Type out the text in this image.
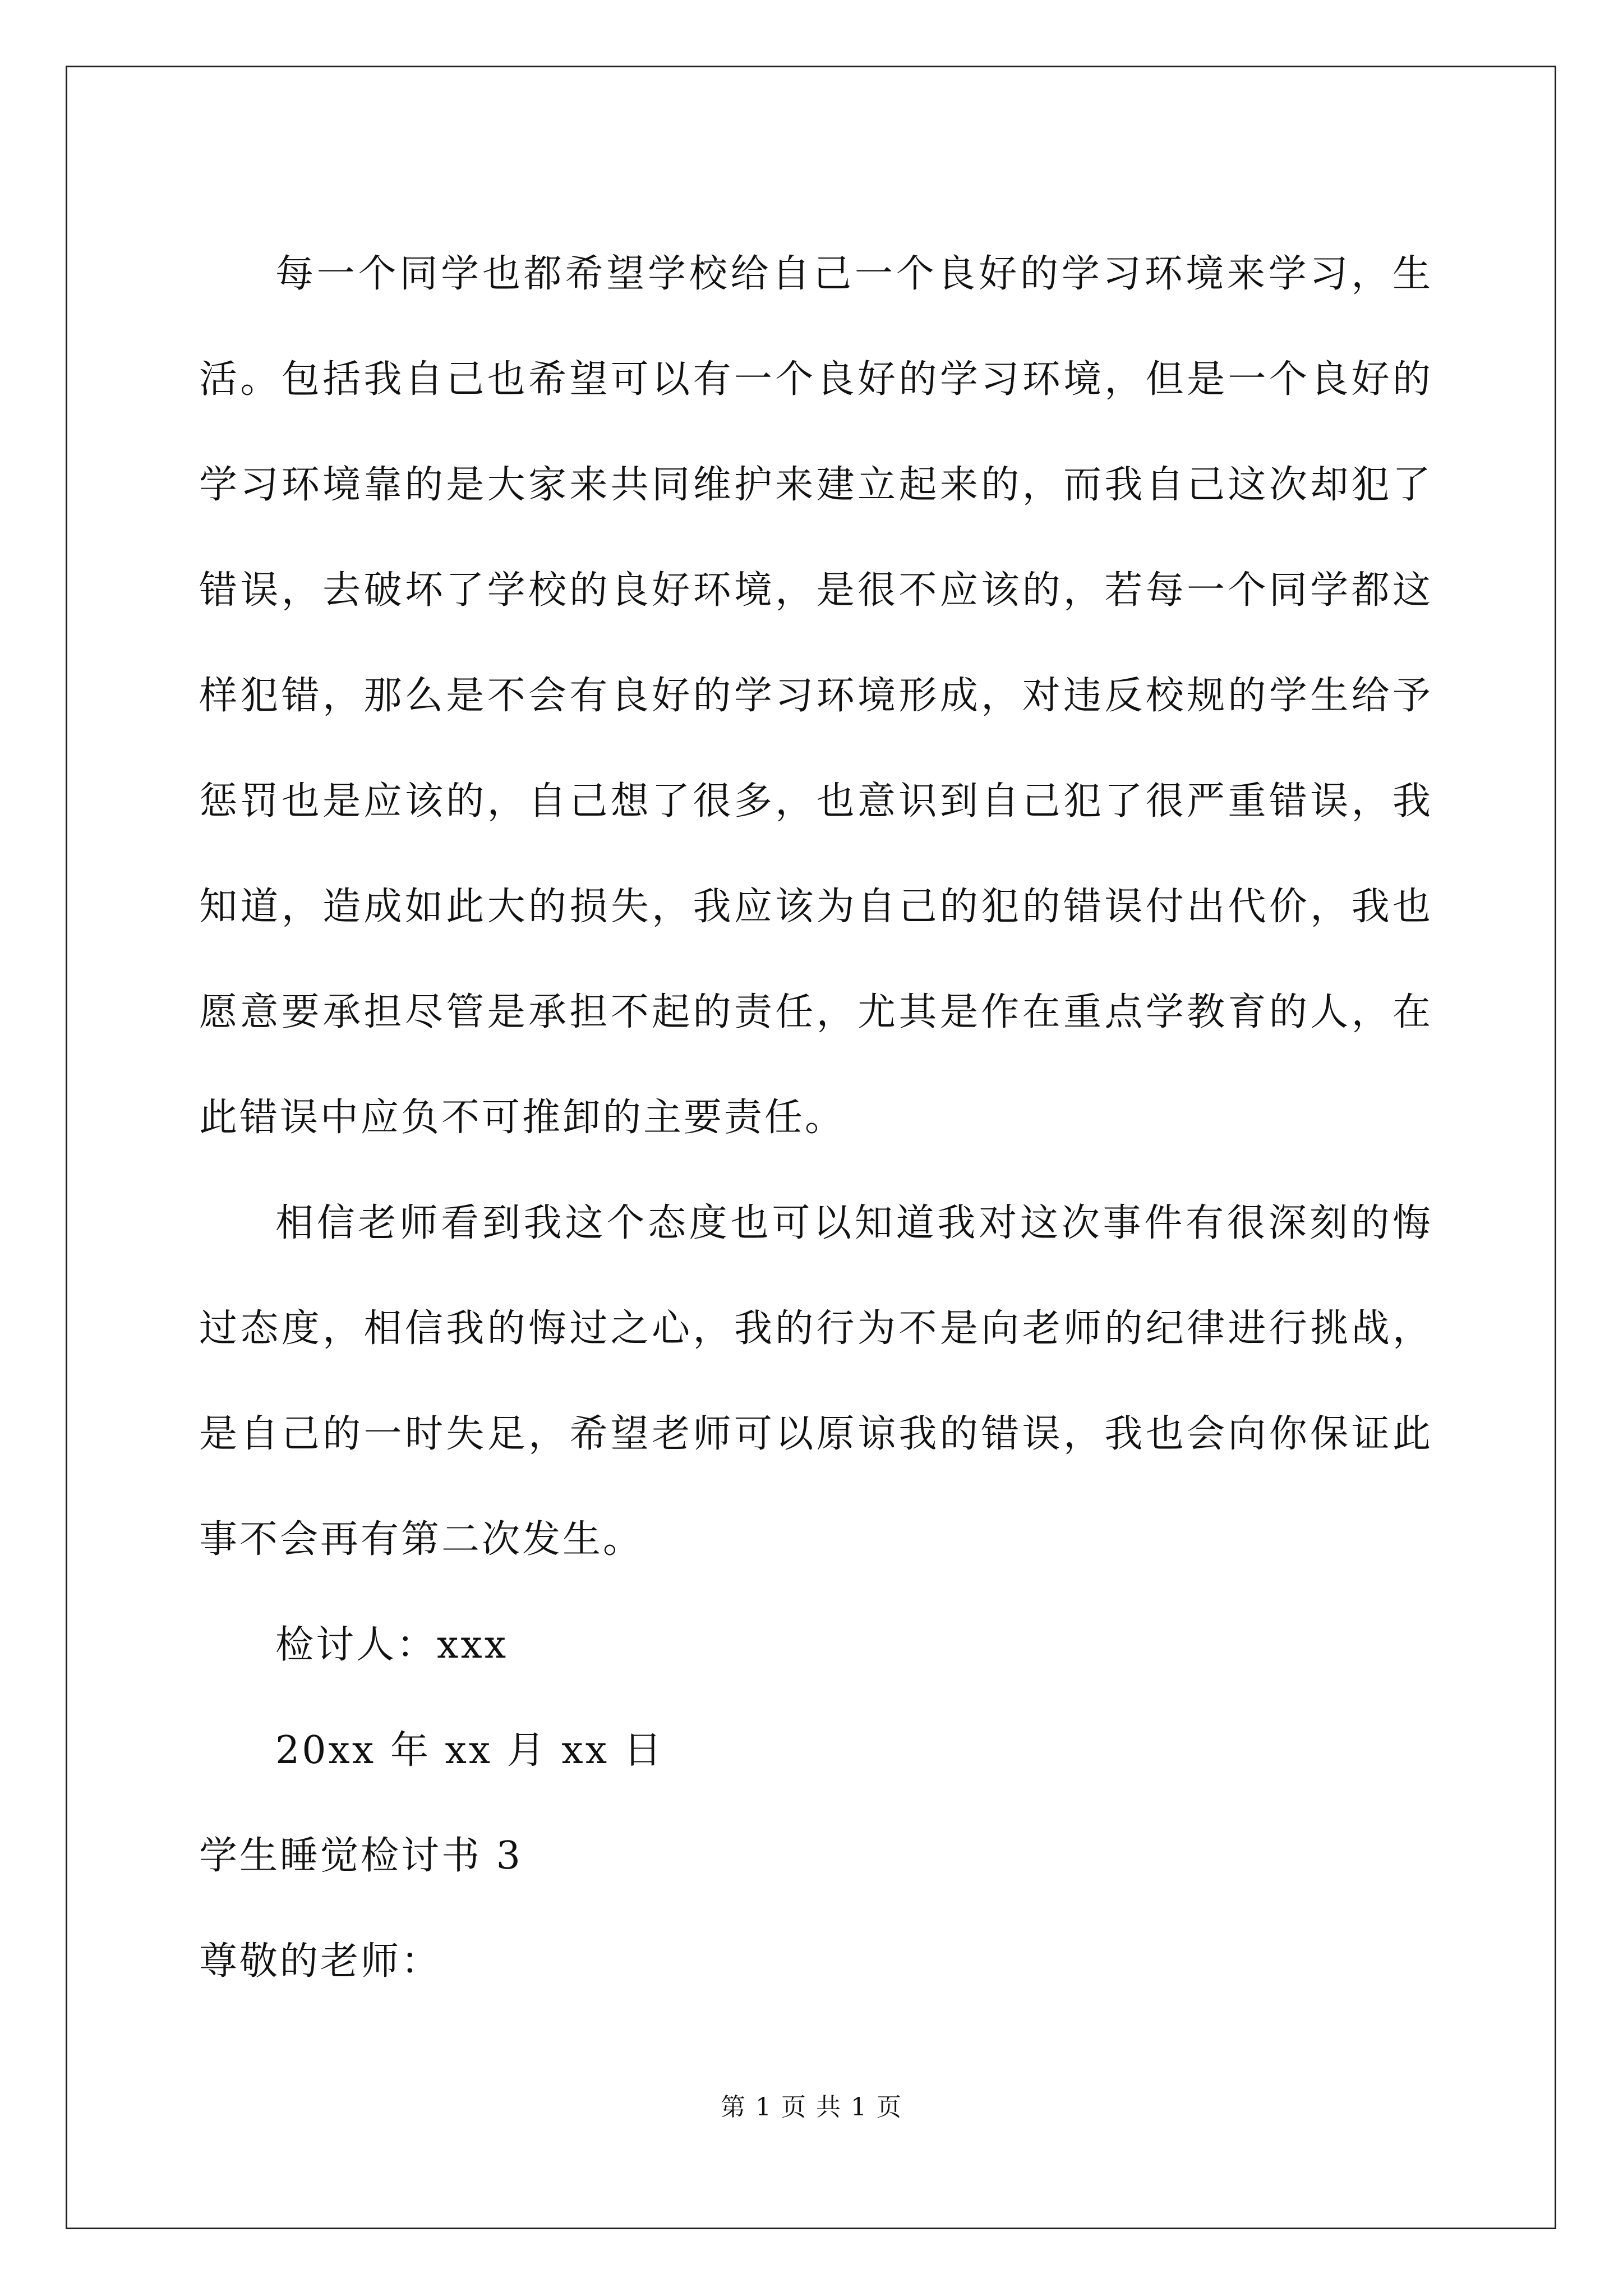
每一个同学也都希望学校给自己一个良好的学习环境来学习，生活。包括我自己也希望可以有一个良好的学习环境，但是一个良好的学习环境靠的是大家来共同维护来建立起来的，而我自己这次却犯了错误，去破坏了学校的良好环境，是很不应该的，若每一个同学都这样犯错，那么是不会有良好的学习环境形成，对违反校规的学生给予惩罚也是应该的，自己想了很多，也意识到自己犯了很严重错误，我知道，造成如此大的损失，我应该为自己的犯的错误付出代价，我也愿意要承担尽管是承担不起的责任，尤其是作在重点学教育的人，在此错误中应负不可推卸的主要责任。

相信老师看到我这个态度也可以知道我对这次事件有很深刻的悔过态度，相信我的悔过之心，我的行为不是向老师的纪律进行挑战，是自己的一时失足，希望老师可以原谅我的错误，我也会向你保证此事不会再有第二次发生。

检讨人：xxx

20xx 年 xx 月 xx 日

学生睡觉检讨书 3

尊敬的老师：

第 1 页 共 1 页
